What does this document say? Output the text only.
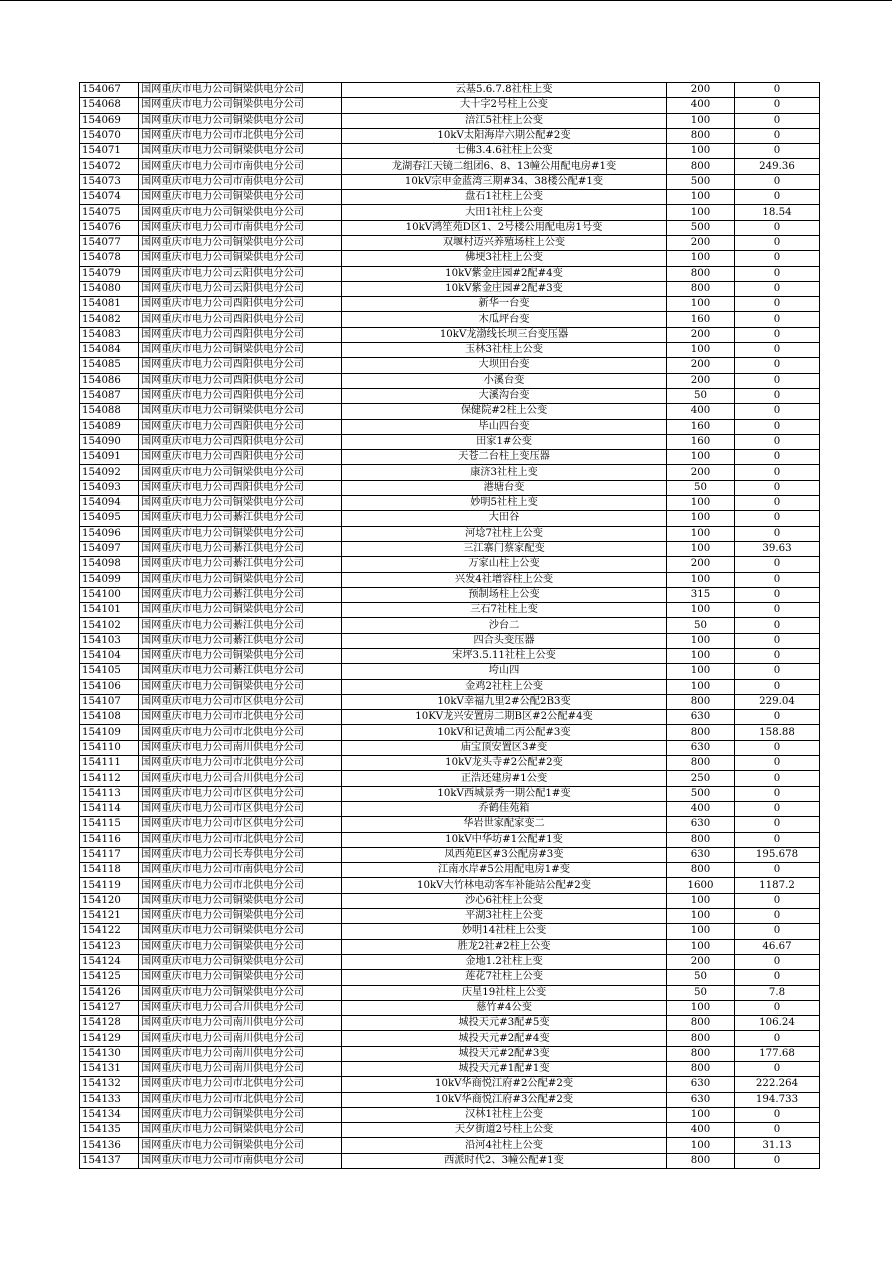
154067	国网重庆市电力公司铜梁供电分公司	云基5.6.7.8社柱上变	200	0
154068	国网重庆市电力公司铜梁供电分公司	大十字2号柱上公变	400	0
154069	国网重庆市电力公司铜梁供电分公司	涪江5社柱上公变	100	0
154070	国网重庆市电力公司市北供电分公司	10kV太阳海岸六期公配#2变	800	0
154071	国网重庆市电力公司铜梁供电分公司	七佛3.4.6社柱上公变	100	0
154072	国网重庆市电力公司市南供电分公司	龙湖春江天镜二组团6、8、13幢公用配电房#1变	800	249.36
154073	国网重庆市电力公司市南供电分公司	10kV宗申金蓝湾三期#34、38楼公配#1变	500	0
154074	国网重庆市电力公司铜梁供电分公司	盘石1社柱上公变	100	0
154075	国网重庆市电力公司铜梁供电分公司	大田1社柱上公变	100	18.54
154076	国网重庆市电力公司市南供电分公司	10kV鸿笙苑D区1、2号楼公用配电房1号变	500	0
154077	国网重庆市电力公司铜梁供电分公司	双堰村迈兴养殖场柱上公变	200	0
154078	国网重庆市电力公司铜梁供电分公司	佛埂3社柱上公变	100	0
154079	国网重庆市电力公司云阳供电分公司	10kV紫金庄园#2配#4变	800	0
154080	国网重庆市电力公司云阳供电分公司	10kV紫金庄园#2配#3变	800	0
154081	国网重庆市电力公司酉阳供电分公司	新华一台变	100	0
154082	国网重庆市电力公司酉阳供电分公司	木瓜坪台变	160	0
154083	国网重庆市电力公司酉阳供电分公司	10kV龙渤线长坝三台变压器	200	0
154084	国网重庆市电力公司铜梁供电分公司	玉林3社柱上公变	100	0
154085	国网重庆市电力公司酉阳供电分公司	大坝田台变	200	0
154086	国网重庆市电力公司酉阳供电分公司	小溪台变	200	0
154087	国网重庆市电力公司酉阳供电分公司	大溪沟台变	50	0
154088	国网重庆市电力公司铜梁供电分公司	保健院#2柱上公变	400	0
154089	国网重庆市电力公司酉阳供电分公司	毕山四台变	160	0
154090	国网重庆市电力公司酉阳供电分公司	田家1#公变	160	0
154091	国网重庆市电力公司酉阳供电分公司	天苍二台柱上变压器	100	0
154092	国网重庆市电力公司铜梁供电分公司	康济3社柱上变	200	0
154093	国网重庆市电力公司酉阳供电分公司	港塘台变	50	0
154094	国网重庆市电力公司铜梁供电分公司	妙明5社柱上变	100	0
154095	国网重庆市电力公司綦江供电分公司	大田谷	100	0
154096	国网重庆市电力公司铜梁供电分公司	河埝7社柱上公变	100	0
154097	国网重庆市电力公司綦江供电分公司	三江寨门蔡家配变	100	39.63
154098	国网重庆市电力公司綦江供电分公司	万家山柱上公变	200	0
154099	国网重庆市电力公司铜梁供电分公司	兴发4社增容柱上公变	100	0
154100	国网重庆市电力公司綦江供电分公司	预制场柱上公变	315	0
154101	国网重庆市电力公司铜梁供电分公司	三石7社柱上变	100	0
154102	国网重庆市电力公司綦江供电分公司	沙台二	50	0
154103	国网重庆市电力公司綦江供电分公司	四合头变压器	100	0
154104	国网重庆市电力公司铜梁供电分公司	宋坪3.5.11社柱上公变	100	0
154105	国网重庆市电力公司綦江供电分公司	垮山四	100	0
154106	国网重庆市电力公司铜梁供电分公司	金鸡2社柱上公变	100	0
154107	国网重庆市电力公司市区供电分公司	10kV幸福九里2#公配2B3变	800	229.04
154108	国网重庆市电力公司市北供电分公司	10KV龙兴安置房二期B区#2公配#4变	630	0
154109	国网重庆市电力公司市北供电分公司	10kV和记黄埔二丙公配#3变	800	158.88
154110	国网重庆市电力公司南川供电分公司	庙宝顶安置区3#变	630	0
154111	国网重庆市电力公司市北供电分公司	10kV龙头寺#2公配#2变	800	0
154112	国网重庆市电力公司合川供电分公司	正浩还建房#1公变	250	0
154113	国网重庆市电力公司市区供电分公司	10kV西城景秀一期公配1#变	500	0
154114	国网重庆市电力公司市区供电分公司	乔鹤佳苑箱	400	0
154115	国网重庆市电力公司市区供电分公司	华岩世家配家变二	630	0
154116	国网重庆市电力公司市北供电分公司	10kV中华坊#1公配#1变	800	0
154117	国网重庆市电力公司长寿供电分公司	凤西苑E区#3公配房#3变	630	195.678
154118	国网重庆市电力公司市南供电分公司	江南水岸#5公用配电房1#变	800	0
154119	国网重庆市电力公司市北供电分公司	10kV大竹林电动客车补能站公配#2变	1600	1187.2
154120	国网重庆市电力公司铜梁供电分公司	沙心6社柱上公变	100	0
154121	国网重庆市电力公司铜梁供电分公司	平湖3社柱上公变	100	0
154122	国网重庆市电力公司铜梁供电分公司	妙明14社柱上公变	100	0
154123	国网重庆市电力公司铜梁供电分公司	胜龙2社#2柱上公变	100	46.67
154124	国网重庆市电力公司铜梁供电分公司	金地1.2社柱上变	200	0
154125	国网重庆市电力公司铜梁供电分公司	莲花7社柱上公变	50	0
154126	国网重庆市电力公司铜梁供电分公司	庆星19社柱上公变	50	7.8
154127	国网重庆市电力公司合川供电分公司	慈竹#4公变	100	0
154128	国网重庆市电力公司南川供电分公司	城投天元#3配#5变	800	106.24
154129	国网重庆市电力公司南川供电分公司	城投天元#2配#4变	800	0
154130	国网重庆市电力公司南川供电分公司	城投天元#2配#3变	800	177.68
154131	国网重庆市电力公司南川供电分公司	城投天元#1配#1变	800	0
154132	国网重庆市电力公司市北供电分公司	10kV华商悦江府#2公配#2变	630	222.264
154133	国网重庆市电力公司市北供电分公司	10kV华商悦江府#3公配#2变	630	194.733
154134	国网重庆市电力公司铜梁供电分公司	汉林1社柱上公变	100	0
154135	国网重庆市电力公司铜梁供电分公司	天夕街道2号柱上公变	400	0
154136	国网重庆市电力公司铜梁供电分公司	沿河4社柱上公变	100	31.13
154137	国网重庆市电力公司市南供电分公司	西派时代2、3幢公配#1变	800	0
